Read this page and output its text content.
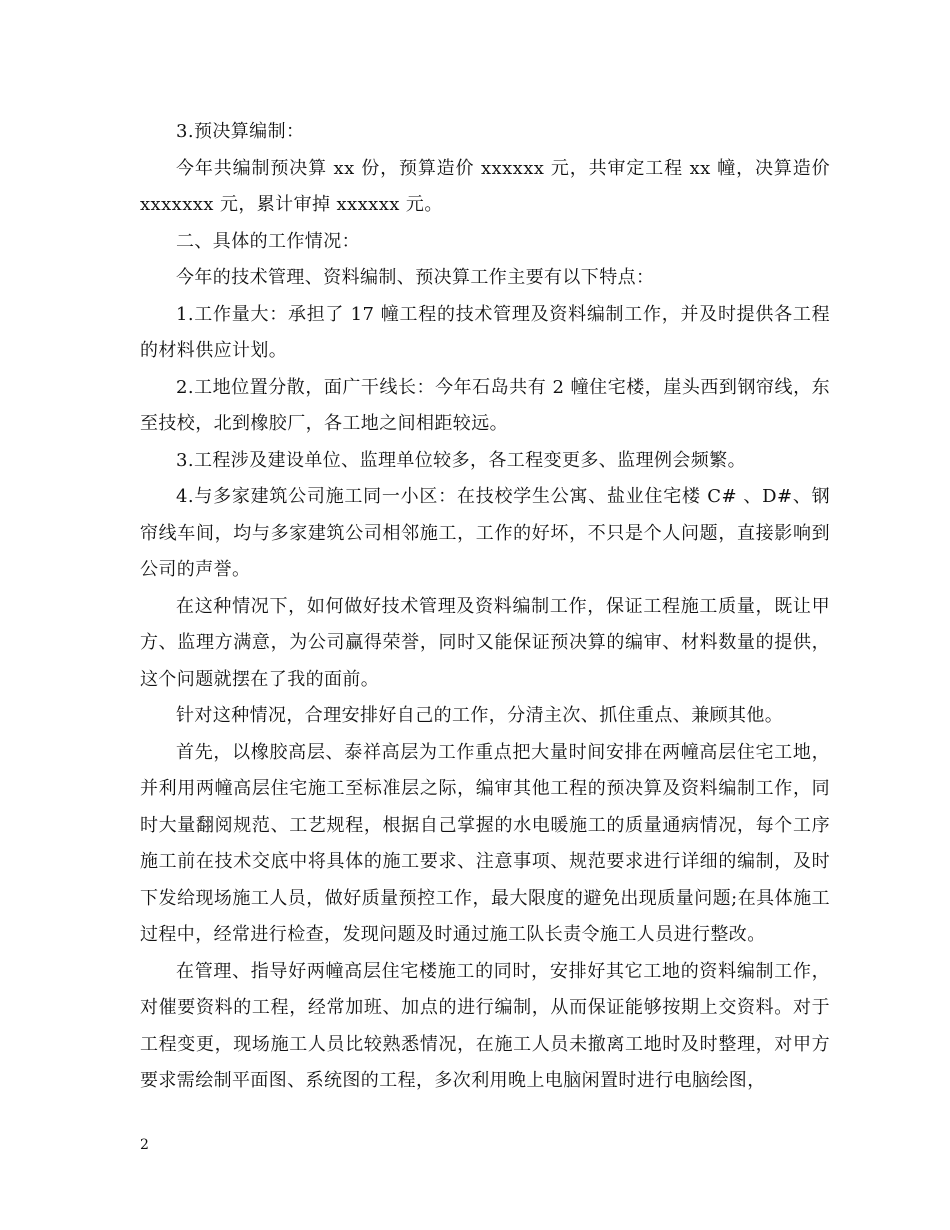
3.预决算编制：

今年共编制预决算 xx 份，预算造价 xxxxxx 元，共审定工程 xx 幢，决算造价 xxxxxxx 元，累计审掉 xxxxxx 元。

二、具体的工作情况：

今年的技术管理、资料编制、预决算工作主要有以下特点：

1.工作量大：承担了 17 幢工程的技术管理及资料编制工作，并及时提供各工程的材料供应计划。

2.工地位置分散，面广干线长：今年石岛共有 2 幢住宅楼，崖头西到钢帘线，东至技校，北到橡胶厂，各工地之间相距较远。

3.工程涉及建设单位、监理单位较多，各工程变更多、监理例会频繁。

4.与多家建筑公司施工同一小区：在技校学生公寓、盐业住宅楼 C# 、D#、钢帘线车间，均与多家建筑公司相邻施工，工作的好坏，不只是个人问题，直接影响到公司的声誉。

在这种情况下，如何做好技术管理及资料编制工作，保证工程施工质量，既让甲方、监理方满意，为公司赢得荣誉，同时又能保证预决算的编审、材料数量的提供，这个问题就摆在了我的面前。

针对这种情况，合理安排好自己的工作，分清主次、抓住重点、兼顾其他。

首先，以橡胶高层、泰祥高层为工作重点把大量时间安排在两幢高层住宅工地，并利用两幢高层住宅施工至标准层之际，编审其他工程的预决算及资料编制工作，同时大量翻阅规范、工艺规程，根据自己掌握的水电暖施工的质量通病情况，每个工序施工前在技术交底中将具体的施工要求、注意事项、规范要求进行详细的编制，及时下发给现场施工人员，做好质量预控工作，最大限度的避免出现质量问题;在具体施工过程中，经常进行检查，发现问题及时通过施工队长责令施工人员进行整改。

在管理、指导好两幢高层住宅楼施工的同时，安排好其它工地的资料编制工作，对催要资料的工程，经常加班、加点的进行编制，从而保证能够按期上交资料。对于工程变更，现场施工人员比较熟悉情况，在施工人员未撤离工地时及时整理，对甲方要求需绘制平面图、系统图的工程，多次利用晚上电脑闲置时进行电脑绘图，

2
